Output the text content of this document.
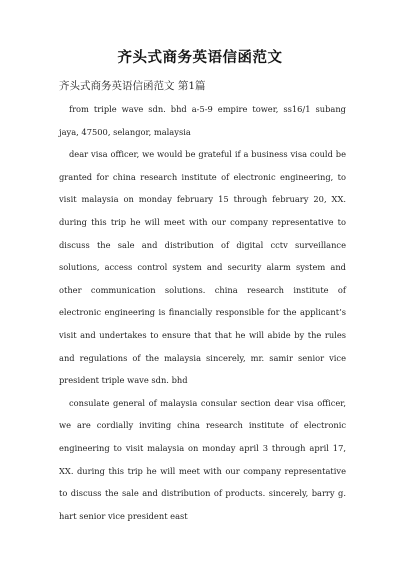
齐头式商务英语信函范文
齐头式商务英语信函范文 第1篇

from triple wave sdn. bhd a-5-9 empire tower, ss16/1 subang jaya, 47500, selangor, malaysia

dear visa officer, we would be grateful if a business visa could be granted for china research institute of electronic engineering, to visit malaysia on monday february 15 through february 20, XX. during this trip he will meet with our company representative to discuss the sale and distribution of digital cctv surveillance solutions, access control system and security alarm system and other communication solutions. china research institute of electronic engineering is financially responsible for the applicant’s visit and undertakes to ensure that that he will abide by the rules and regulations of the malaysia sincerely, mr. samir senior vice president triple wave sdn. bhd

consulate general of malaysia consular section dear visa officer, we are cordially inviting china research institute of electronic engineering to visit malaysia on monday april 3 through april 17, XX. during this trip he will meet with our company representative to discuss the sale and distribution of products. sincerely, barry g. hart senior vice president east
